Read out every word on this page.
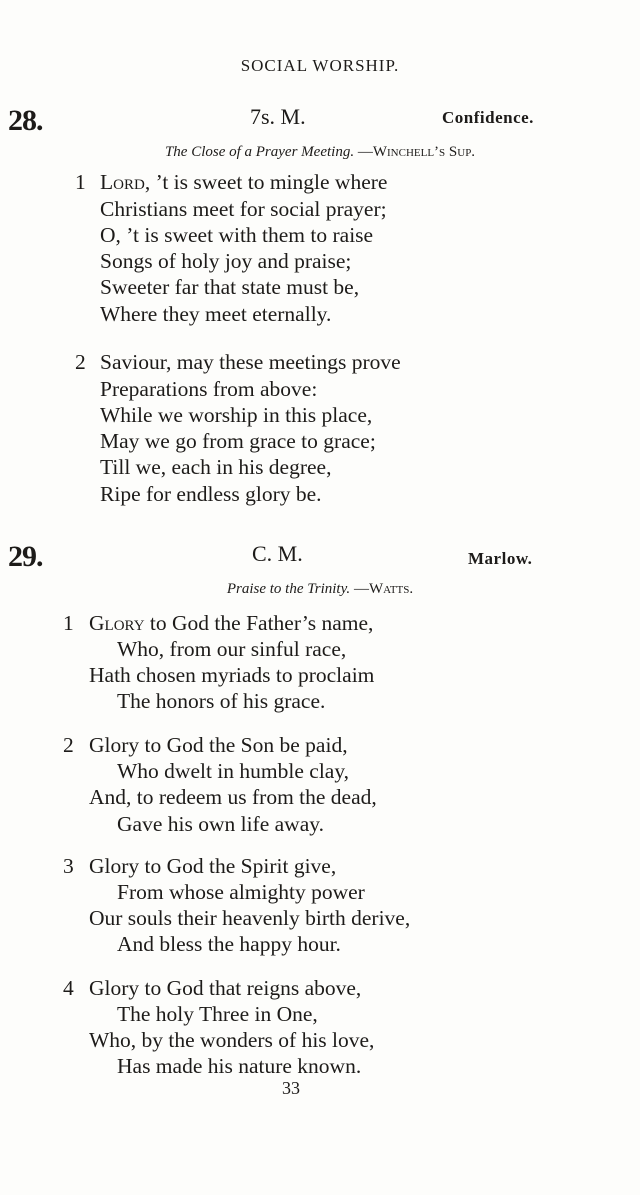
SOCIAL WORSHIP.
28.	7s. M.	Confidence.
The Close of a Prayer Meeting. —Winchell’s Sup.
1 Lord, ’t is sweet to mingle where
Christians meet for social prayer;
O, ’t is sweet with them to raise
Songs of holy joy and praise;
Sweeter far that state must be,
Where they meet eternally.
2 Saviour, may these meetings prove
Preparations from above:
While we worship in this place,
May we go from grace to grace;
Till we, each in his degree,
Ripe for endless glory be.
29.	C. M.	Marlow.
Praise to the Trinity. —Watts.
1 Glory to God the Father’s name,
Who, from our sinful race,
Hath chosen myriads to proclaim
The honors of his grace.
2 Glory to God the Son be paid,
Who dwelt in humble clay,
And, to redeem us from the dead,
Gave his own life away.
3 Glory to God the Spirit give,
From whose almighty power
Our souls their heavenly birth derive,
And bless the happy hour.
4 Glory to God that reigns above,
The holy Three in One,
Who, by the wonders of his love,
Has made his nature known.
33
